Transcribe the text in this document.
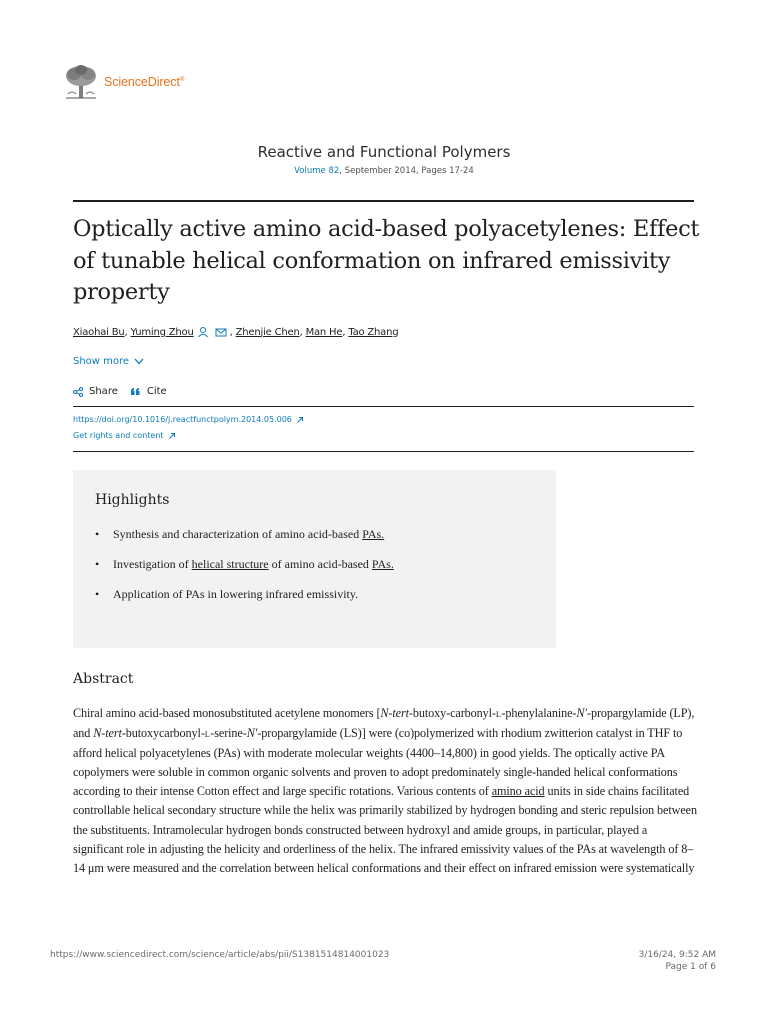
ScienceDirect®
Reactive and Functional Polymers
Volume 82, September 2014, Pages 17-24
Optically active amino acid-based polyacetylenes: Effect of tunable helical conformation on infrared emissivity property
Xiaohai Bu , Yuming Zhou	, Zhenjie Chen , Man He , Tao Zhang
Show more
Share	Cite
https://doi.org/10.1016/j.reactfunctpolym.2014.05.006
Get rights and content
Highlights
•	Synthesis and characterization of amino acid-based PAs.
•	Investigation of helical structure of amino acid-based PAs.
•	Application of PAs in lowering infrared emissivity.
Abstract

Chiral amino acid-based monosubstituted acetylene monomers [N-tert-butoxy-carbonyl-L-phenylalanine-N′-propargylamide (LP), and N-tert-butoxycarbonyl-L-serine-N′-propargylamide (LS)] were (co)polymerized with rhodium zwitterion catalyst in THF to afford helical polyacetylenes (PAs) with moderate molecular weights (4400–14,800) in good yields. The optically active PA copolymers were soluble in common organic solvents and proven to adopt predominately single-handed helical conformations according to their intense Cotton effect and large specific rotations. Various contents of amino acid units in side chains facilitated controllable helical secondary structure while the helix was primarily stabilized by hydrogen bonding and steric repulsion between the substituents. Intramolecular hydrogen bonds constructed between hydroxyl and amide groups, in particular, played a significant role in adjusting the helicity and orderliness of the helix. The infrared emissivity values of the PAs at wavelength of 8–14 μm were measured and the correlation between helical conformations and their effect on infrared emission were systematically

https://www.sciencedirect.com/science/article/abs/pii/S1381514814001023	3/16/24, 9:52 AM
Page 1 of 6
